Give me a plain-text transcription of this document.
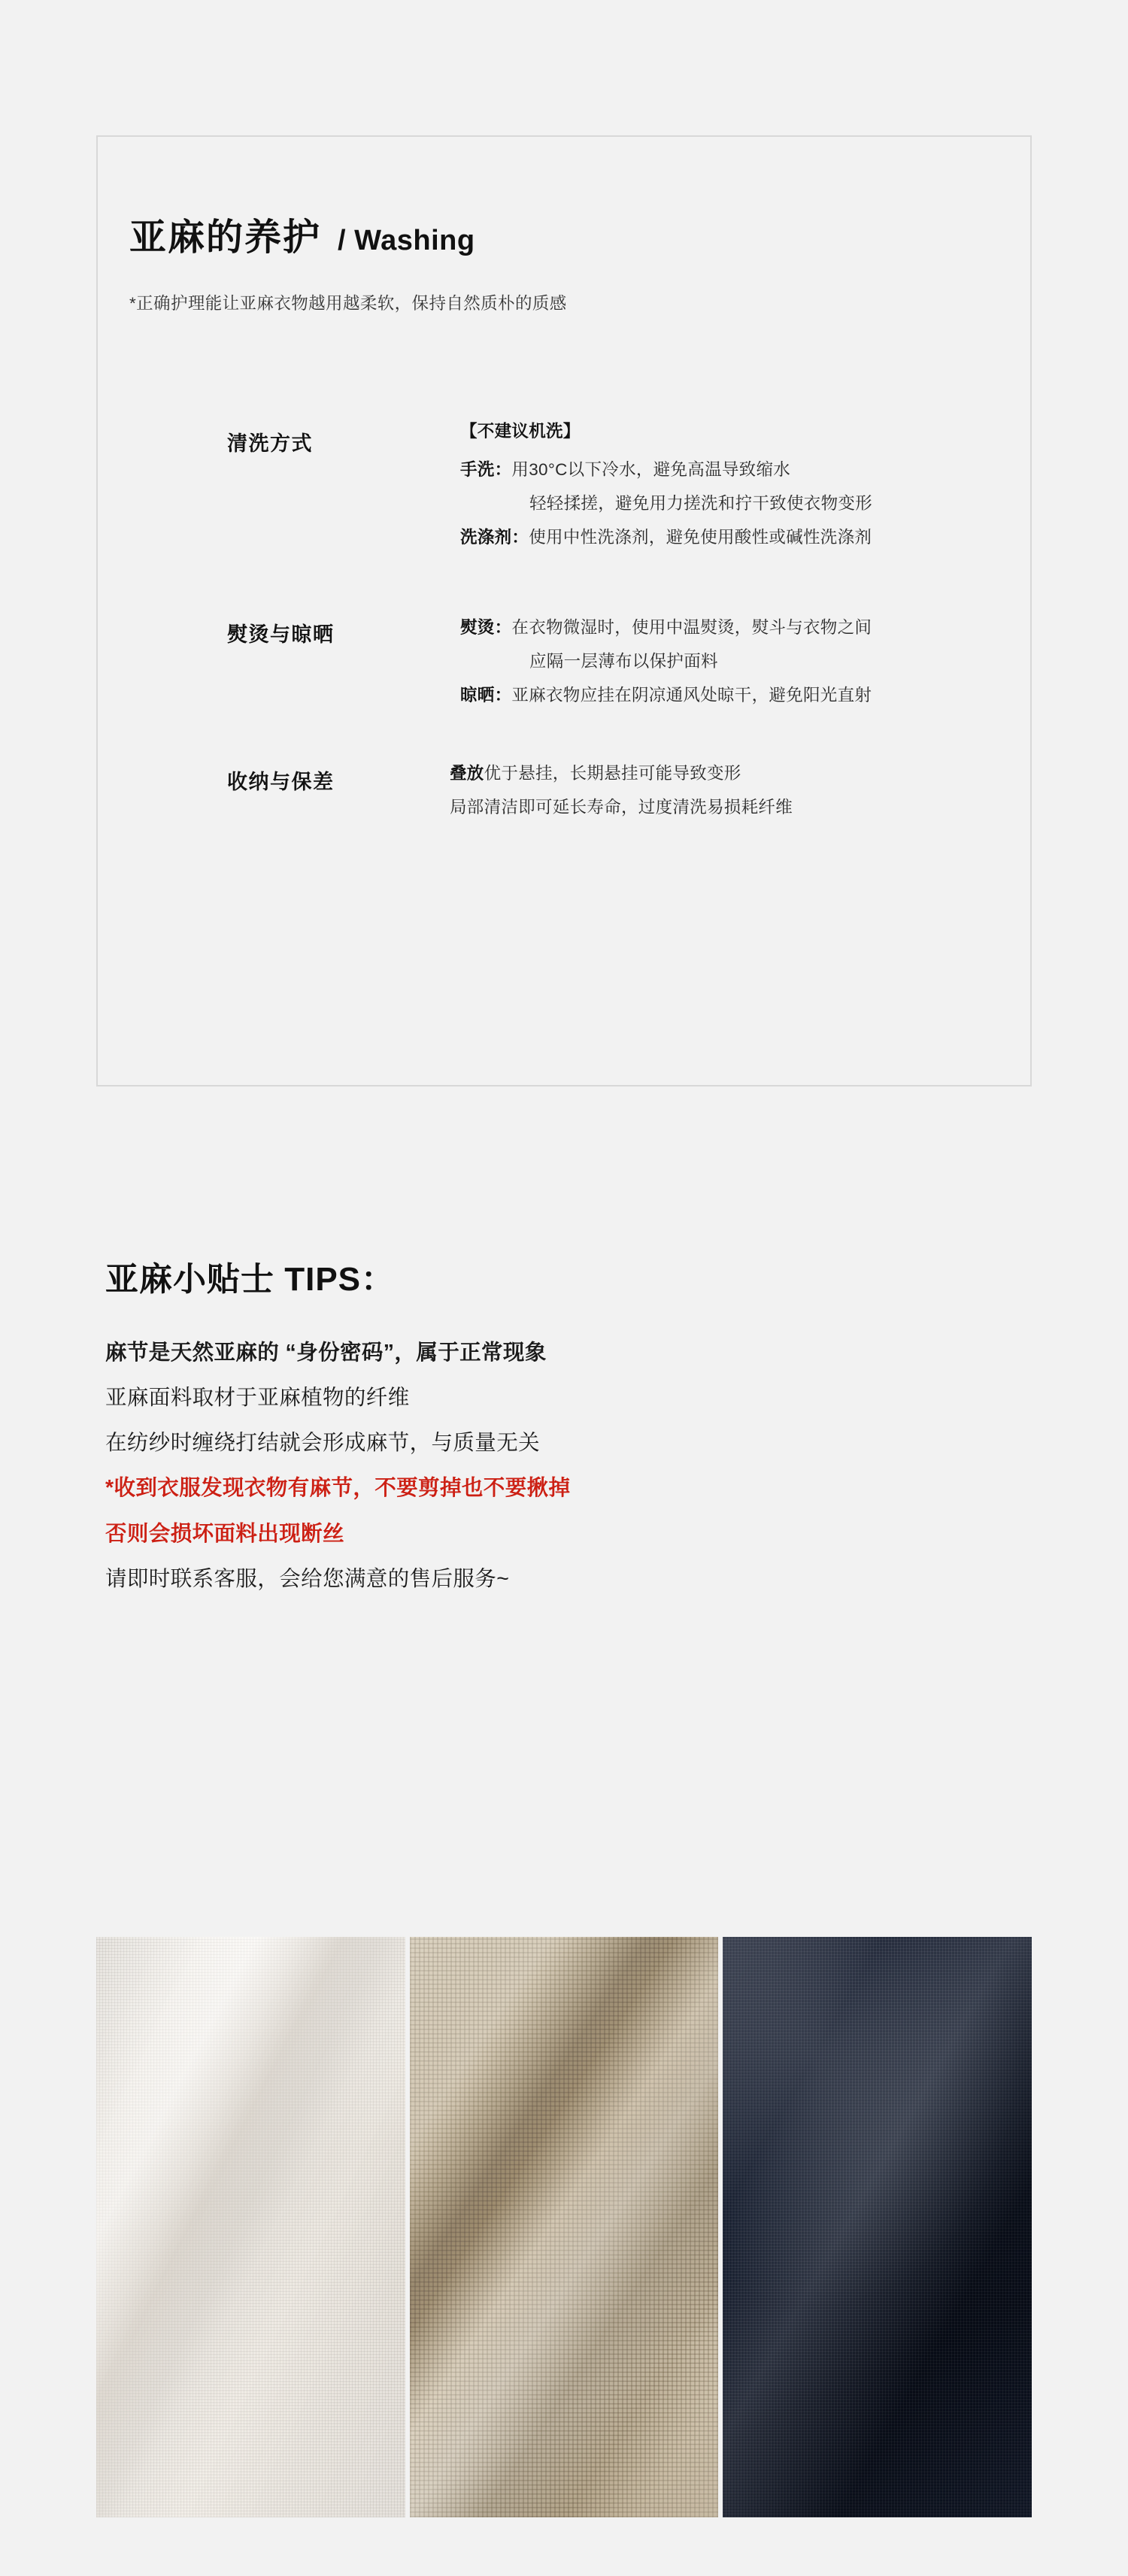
亚麻的养护 / Washing
*正确护理能让亚麻衣物越用越柔软，保持自然质朴的质感
清洗方式
【不建议机洗】
手洗：用30°C以下冷水，避免高温导致缩水
轻轻揉搓，避免用力搓洗和拧干致使衣物变形
洗涤剂：使用中性洗涤剂，避免使用酸性或碱性洗涤剂
熨烫与晾晒	熨烫：在衣物微湿时，使用中温熨烫，熨斗与衣物之间
应隔一层薄布以保护面料
晾晒：亚麻衣物应挂在阴凉通风处晾干，避免阳光直射
收纳与保差	叠放优于悬挂，长期悬挂可能导致变形
局部清洁即可延长寿命，过度清洗易损耗纤维
亚麻小贴士 TIPS：
麻节是天然亚麻的 “身份密码”，属于正常现象
亚麻面料取材于亚麻植物的纤维
在纺纱时缠绕打结就会形成麻节，与质量无关
*收到衣服发现衣物有麻节，不要剪掉也不要揪掉
否则会损坏面料出现断丝
请即时联系客服，会给您满意的售后服务~
